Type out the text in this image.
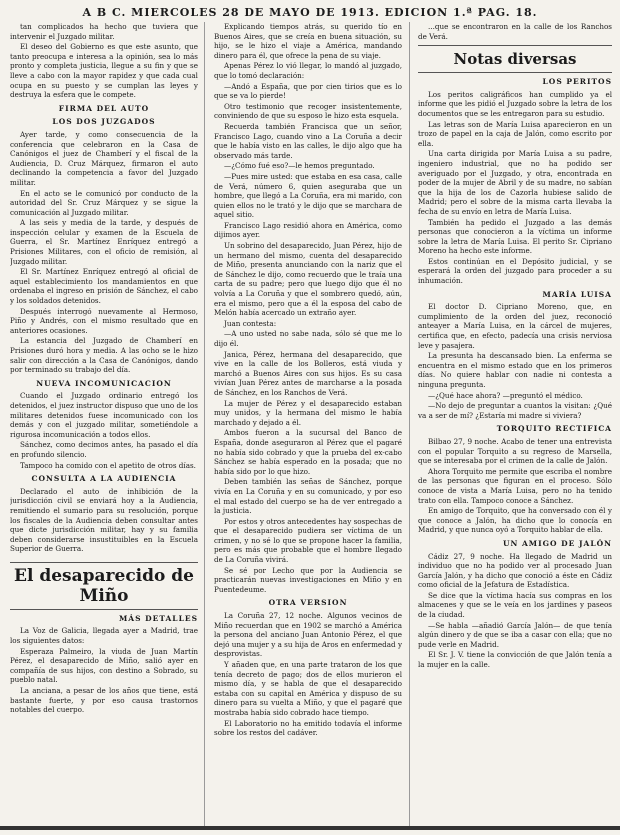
A B C. MIERCOLES 28 DE MAYO DE 1913. EDICION 1.ª PAG. 18.

tan complicados ha hecho que tuviera que intervenir el Juzgado militar.

El deseo del Gobierno es que este asunto, que tanto preocupa e interesa a la opinión, sea lo más pronto y completa justicia, llegue a su fin y que se lleve a cabo con la mayor rapidez y que cada cual ocupa en su puesto y se cumplan las leyes y destruya la esfera que le compete.

FIRMA DEL AUTO
LOS DOS JUZGADOS

Ayer tarde, y como consecuencia de la conferencia que celebraron en la Casa de Canónigos el juez de Chamberí y el fiscal de la Audiencia, D. Cruz Márquez, firmaron el auto declinando la competencia a favor del Juzgado militar.

En el acto se le comunicó por conducto de la autoridad del Sr. Cruz Márquez y se sigue la comunicación al Juzgado militar.

A las seis y media de la tarde, y después de inspección celular y examen de la Escuela de Guerra, el Sr. Martínez Enríquez entregó a Prisiones Militares, con el oficio de remisión, al Juzgado militar.

El Sr. Martínez Enríquez entregó al oficial de aquel establecimiento los mandamientos en que ordenaba el ingreso en prisión de Sánchez, el cabo y los soldados detenidos.

Después interrogó nuevamente al Hermoso, Piño y Andrés, con el mismo resultado que en anteriores ocasiones.

La estancia del Juzgado de Chamberí en Prisiones duró hora y media. A las ocho se le hizo salir con dirección a la Casa de Canónigos, dando por terminado su trabajo del día.

NUEVA INCOMUNICACION

Cuando el Juzgado ordinario entregó los detenidos, el juez instructor dispuso que uno de los militares detenidos fuese incomunicado con los demás y con el juzgado militar, sometiéndole a rigurosa incomunicación a todos ellos.

Sánchez, como decimos antes, ha pasado el día en profundo silencio.

Tampoco ha comido con el apetito de otros días.

CONSULTA A LA AUDIENCIA

Declarado el auto de inhibición de la jurisdicción civil se enviará hoy a la Audiencia, remitiendo el sumario para su resolución, porque los fiscales de la Audiencia deben consultar antes que dicte jurisdicción militar, hay y su familia deben considerarse insustituibles en la Escuela Superior de Guerra.

El desaparecido de Miño
MÁS DETALLES

La Voz de Galicia, llegada ayer a Madrid, trae los siguientes datos:

Esperaza Palmeiro, la viuda de Juan Martín Pérez, el desaparecido de Miño, salió ayer en compañía de sus hijos, con destino a Sobrado, su pueblo natal.

La anciana, a pesar de los años que tiene, está bastante fuerte, y por eso causa trastornos notables del cuerpo.

Explicando tiempos atrás, su querido tío en Buenos Aires, que se creía en buena situación, su hijo, se le hizo el viaje a América, mandando dinero para él, que ofrece la pena de su viaje.

Apenas Pérez lo vió llegar, lo mandó al juzgado, que lo tomó declaración:

—Andó a España, que por cien tirios que es lo que se va lo pierde!

Otro testimonio que recoger insistentemente, conviniendo de que su esposo le hizo esta esquela.

Recuerda también Francisca que un señor, Francisco Lago, cuando vino a La Coruña a decir que le había visto en las calles, le dijo algo que ha observado más tarde.

—¿Cómo fué eso?—le hemos preguntado.

—Pues mire usted: que estaba en esa casa, calle de Verá, número 6, quien aseguraba que un hombre, que llegó a La Coruña, era mi marido, con quien ellos no le trató y le dijo que se marchara de aquel sitio.

Francisco Lago residió ahora en América, como dijimos ayer.

Un sobrino del desaparecido, Juan Pérez, hijo de un hermano del mismo, cuenta del desaparecido de Miño, presenta anunciando con la nariz que el de Sánchez le dijo, como recuerdo que le traía una carta de su padre; pero que luego dijo que él no volvía a La Coruña y que el sombrero quedó, aún, era el mismo, pero que a él la esposa del cabo de Melón había acercado un extraño ayer.

Juan contesta:

—A uno usted no sabe nada, sólo sé que me lo dijo él.

Janica, Pérez, hermana del desaparecido, que vive en la calle de los Bolleros, está viuda y marchó a Buenos Aires con sus hijos. Es su casa vivían Juan Pérez antes de marcharse a la posada de Sánchez, en los Ranchos de Verá.

La mujer de Pérez y el desaparecido estaban muy unidos, y la hermana del mismo le había marchado y dejado a él.

Ambos fueron a la sucursal del Banco de España, donde aseguraron al Pérez que el pagaré no había sido cobrado y que la prueba del ex-cabo Sánchez se había esperado en la posada; que no había sido por lo que hizo.

Deben también las señas de Sánchez, porque vivía en La Coruña y en su comunicado, y por eso el mal estado del cuerpo se ha de ver entregado a la justicia.

Por estos y otros antecedentes hay sospechas de que el desaparecido pudiera ser víctima de un crimen, y no sé lo que se propone hacer la familia, pero es más que probable que el hombre llegado de La Coruña vivirá.

Se sé por Lecho que por la Audiencia se practicarán nuevas investigaciones en Miño y en Puentedeume.

OTRA VERSION

La Coruña 27, 12 noche. Algunos vecinos de Miño recuerdan que en 1902 se marchó a América la persona del anciano Juan Antonio Pérez, el que dejó una mujer y a su hija de Aros en enfermedad y desprovistas.

Y añaden que, en una parte trataron de los que tenía decreto de pago; dos de ellos murieron el mismo día, y se habla de que el desaparecido estaba con su capital en América y dispuso de su dinero para su vuelta a Miño, y que el pagaré que mostraba había sido cobrado hace tiempo.

El Laboratorio no ha emitido todavía el informe sobre los restos del cadáver.

...que se encontraron en la calle de los Ranchos de Verá.

Notas diversas
LOS PERITOS

Los peritos caligráficos han cumplido ya el informe que les pidió el Juzgado sobre la letra de los documentos que se les entregaron para su estudio.

Las letras son de María Luisa aparecieron en un trozo de papel en la caja de Jalón, como escrito por ella.

Una carta dirigida por María Luisa a su padre, ingeniero industrial, que no ha podido ser averiguado por el Juzgado, y otra, encontrada en poder de la mujer de Abril y de su madre, no sabían que la hija de los de Cazorla hubiese salido de Madrid; pero el sobre de la misma carta llevaba la fecha de su envío en letra de María Luisa.

También ha pedido el Juzgado a las demás personas que conocieron a la víctima un informe sobre la letra de María Luisa. El perito Sr. Cipriano Moreno ha hecho este informe.

Estos continúan en el Depósito judicial, y se esperará la orden del juzgado para proceder a su inhumación.

MARÍA LUISA

El doctor D. Cipriano Moreno, que, en cumplimiento de la orden del juez, reconoció anteayer a María Luisa, en la cárcel de mujeres, certifica que, en efecto, padecía una crisis nerviosa leve y pasajera.

La presunta ha descansado bien. La enferma se encuentra en el mismo estado que en los primeros días. No quiere hablar con nadie ni contesta a ninguna pregunta.

—¿Qué hace ahora? —preguntó el médico.

—No dejo de preguntar a cuantos la visitan: ¿Qué va a ser de mí? ¿Estaría mi madre si viviera?

TORQUITO RECTIFICA

Bilbao 27, 9 noche. Acabo de tener una entrevista con el popular Torquito a su regreso de Marsella, que se interesaba por el crimen de la calle de Jalón.

Ahora Torquito me permite que escriba el nombre de las personas que figuran en el proceso. Sólo conoce de vista a María Luisa, pero no ha tenido trato con ella. Tampoco conoce a Sánchez.

En amigo de Torquito, que ha conversado con él y que conoce a Jalón, ha dicho que lo conocía en Madrid, y que nunca oyó a Torquito hablar de ella.

UN AMIGO DE JALÓN

Cádiz 27, 9 noche. Ha llegado de Madrid un individuo que no ha podido ver al procesado Juan García Jalón, y ha dicho que conoció a éste en Cádiz como oficial de la Jefatura de Estadística.

Se dice que la víctima hacía sus compras en los almacenes y que se le veía en los jardines y paseos de la ciudad.

—Se habla —añadió García Jalón— de que tenía algún dinero y de que se iba a casar con ella; que no pude verle en Madrid.

El Sr. J. V. tiene la convicción de que Jalón tenía a la mujer en la calle.
